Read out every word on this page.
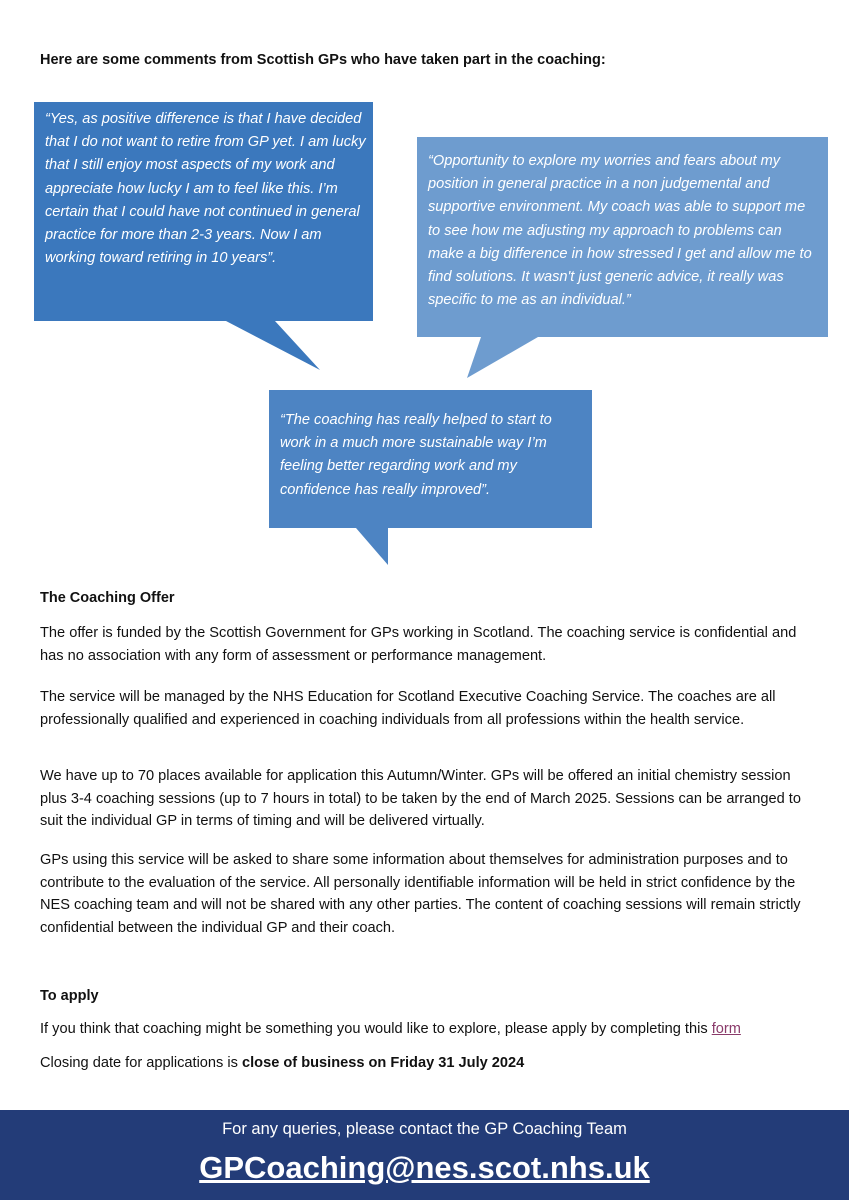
Here are some comments from Scottish GPs who have taken part in the coaching:

“Yes, as positive difference is that I have decided that I do not want to retire from GP yet. I am lucky that I still enjoy most aspects of my work and appreciate how lucky I am to feel like this. I’m certain that I could have not continued in general practice for more than 2-3 years. Now I am working toward retiring in 10 years”.

“Opportunity to explore my worries and fears about my position in general practice in a non judgemental and supportive environment. My coach was able to support me to see how me adjusting my approach to problems can make a big difference in how stressed I get and allow me to find solutions. It wasn't just generic advice, it really was specific to me as an individual.”

“The coaching has really helped to start to work in a much more sustainable way I’m feeling better regarding work and my confidence has really improved”.

The Coaching Offer

The offer is funded by the Scottish Government for GPs working in Scotland. The coaching service is confidential and has no association with any form of assessment or performance management.

The service will be managed by the NHS Education for Scotland Executive Coaching Service. The coaches are all professionally qualified and experienced in coaching individuals from all professions within the health service.

We have up to 70 places available for application this Autumn/Winter. GPs will be offered an initial chemistry session plus 3-4 coaching sessions (up to 7 hours in total) to be taken by the end of March 2025. Sessions can be arranged to suit the individual GP in terms of timing and will be delivered virtually.

GPs using this service will be asked to share some information about themselves for administration purposes and to contribute to the evaluation of the service. All personally identifiable information will be held in strict confidence by the NES coaching team and will not be shared with any other parties. The content of coaching sessions will remain strictly confidential between the individual GP and their coach.

To apply
If you think that coaching might be something you would like to explore, please apply by completing this form
Closing date for applications is close of business on Friday 31 July 2024
For any queries, please contact the GP Coaching Team
GPCoaching@nes.scot.nhs.uk
